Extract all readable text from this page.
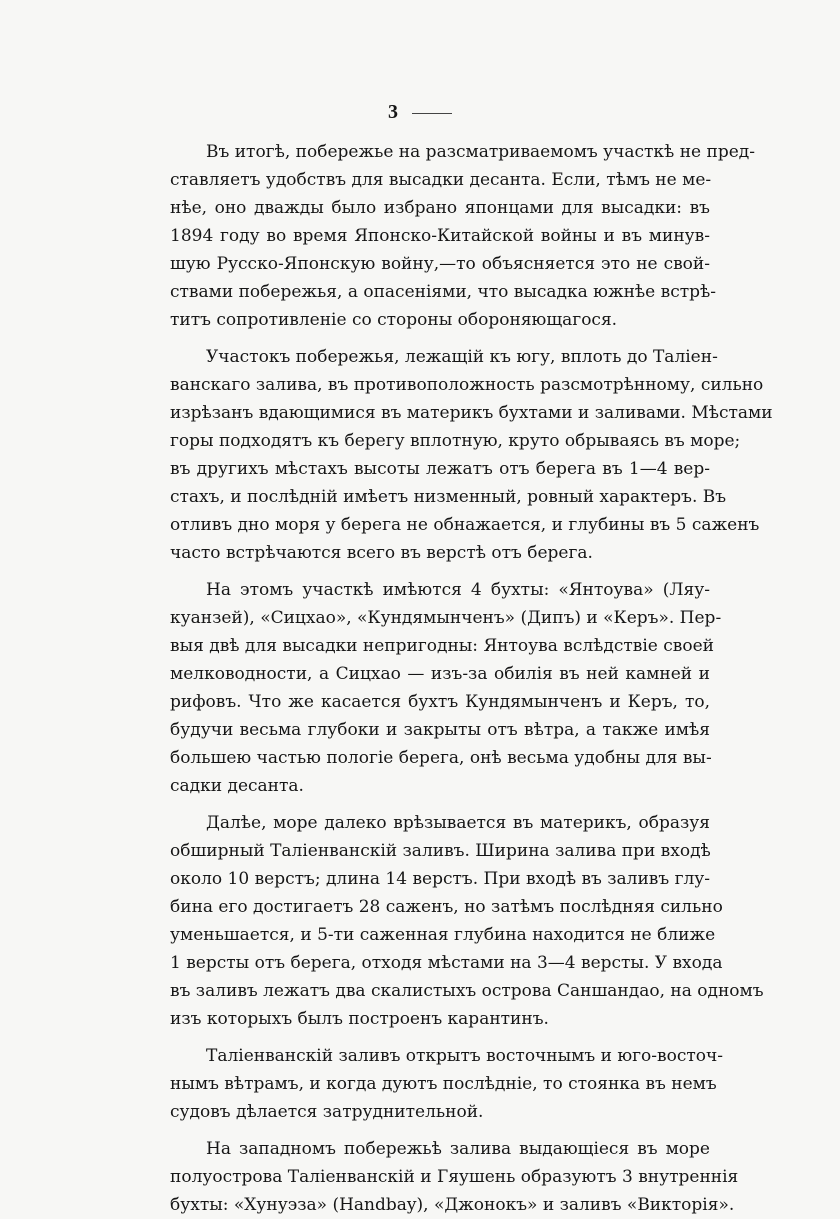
3

Въ итогѣ, побережье на разсматриваемомъ участкѣ не пред-
ставляетъ удобствъ для высадки десанта. Если, тѣмъ не ме-
нѣе, оно дважды было избрано японцами для высадки: въ
1894 году во время Японско-Китайской войны и въ минув-
шую Русско-Японскую войну,—то объясняется это не свой-
ствами побережья, а опасеніями, что высадка южнѣе встрѣ-
титъ сопротивленіе со стороны обороняющагося.

Участокъ побережья, лежащій къ югу, вплоть до Таліен-
ванскаго залива, въ противоположность разсмотрѣнному, сильно
изрѣзанъ вдающимися въ материкъ бухтами и заливами. Мѣстами
горы подходятъ къ берегу вплотную, круто обрываясь въ море;
въ другихъ мѣстахъ высоты лежатъ отъ берега въ 1—4 вер-
стахъ, и послѣдній имѣетъ низменный, ровный характеръ. Въ
отливъ дно моря у берега не обнажается, и глубины въ 5 саженъ
часто встрѣчаются всего въ верстѣ отъ берега.

На этомъ участкѣ имѣются 4 бухты: «Янтоува» (Ляу-
куанзей), «Сицхао», «Кундямынченъ» (Дипъ) и «Керъ». Пер-
выя двѣ для высадки непригодны: Янтоува вслѣдствіе своей
мелководности, а Сицхао — изъ-за обилія въ ней камней и
рифовъ. Что же касается бухтъ Кундямынченъ и Керъ, то,
будучи весьма глубоки и закрыты отъ вѣтра, а также имѣя
большею частью пологіе берега, онѣ весьма удобны для вы-
садки десанта.

Далѣе, море далеко врѣзывается въ материкъ, образуя
обширный Таліенванскій заливъ. Ширина залива при входѣ
около 10 верстъ; длина 14 верстъ. При входѣ въ заливъ глу-
бина его достигаетъ 28 саженъ, но затѣмъ послѣдняя сильно
уменьшается, и 5-ти саженная глубина находится не ближе
1 версты отъ берега, отходя мѣстами на 3—4 версты. У входа
въ заливъ лежатъ два скалистыхъ острова Саншандао, на одномъ
изъ которыхъ былъ построенъ карантинъ.

Таліенванскій заливъ открытъ восточнымъ и юго-восточ-
нымъ вѣтрамъ, и когда дуютъ послѣдніе, то стоянка въ немъ
судовъ дѣлается затруднительной.

На западномъ побережьѣ залива выдающіеся въ море
полуострова Таліенванскій и Гяушень образуютъ 3 внутреннія
бухты: «Хунуэза» (Handbay), «Джонокъ» и заливъ «Викторія».
